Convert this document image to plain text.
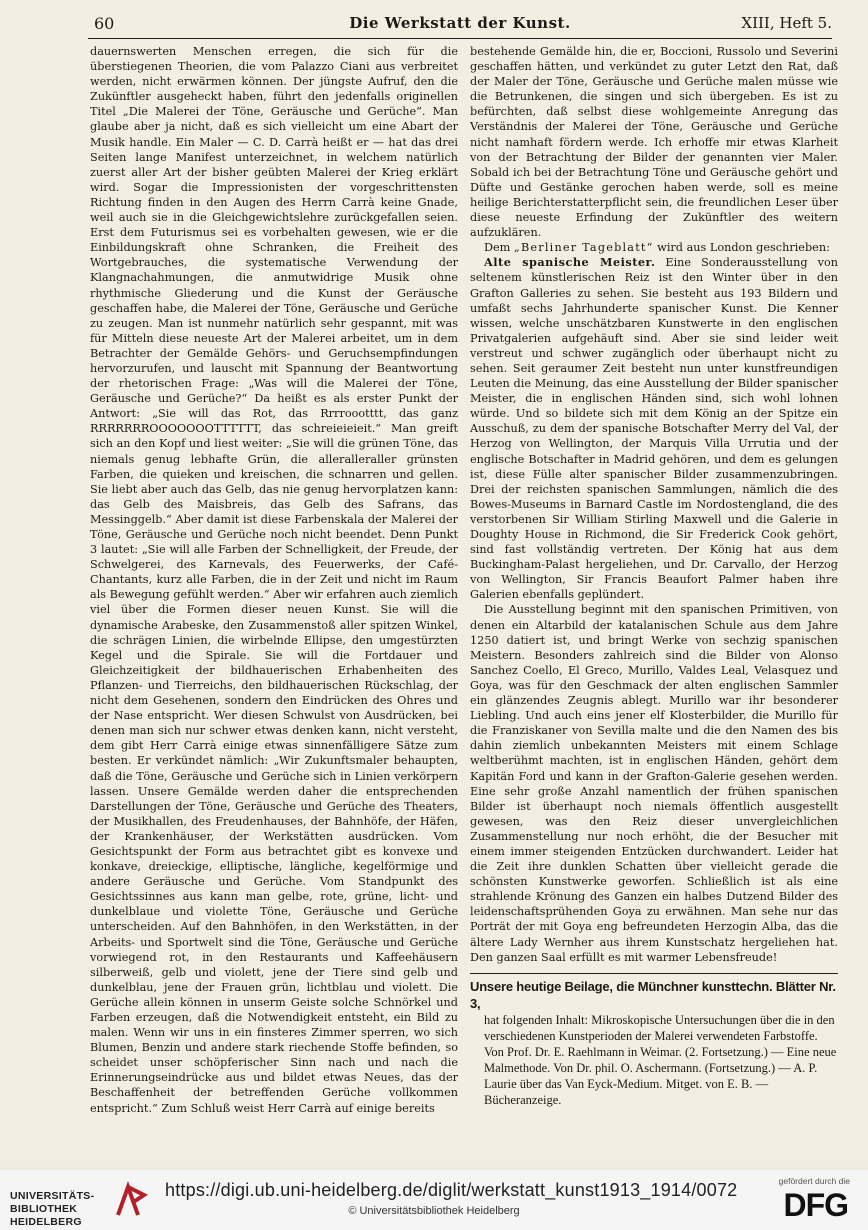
60	Die Werkstatt der Kunst.	XIII, Heft 5.

dauernswerten Menschen erregen, die sich für die überstiegenen Theorien, die vom Palazzo Ciani aus verbreitet werden, nicht erwärmen können. Der jüngste Aufruf, den die Zukünftler ausgeheckt haben, führt den jedenfalls originellen Titel „Die Malerei der Töne, Geräusche und Gerüche“. Man glaube aber ja nicht, daß es sich vielleicht um eine Abart der Musik handle. Ein Maler — C. D. Carrà heißt er — hat das drei Seiten lange Manifest unterzeichnet, in welchem natürlich zuerst aller Art der bisher geübten Malerei der Krieg erklärt wird. Sogar die Impressionisten der vorgeschrittensten Richtung finden in den Augen des Herrn Carrà keine Gnade, weil auch sie in die Gleichgewichtslehre zurückgefallen seien. Erst dem Futurismus sei es vorbehalten gewesen, wie er die Einbildungskraft ohne Schranken, die Freiheit des Wortgebrauches, die systematische Verwendung der Klangnachahmungen, die anmutwidrige Musik ohne rhythmische Gliederung und die Kunst der Geräusche geschaffen habe, die Malerei der Töne, Geräusche und Gerüche zu zeugen. Man ist nunmehr natürlich sehr gespannt, mit was für Mitteln diese neueste Art der Malerei arbeitet, um in dem Betrachter der Gemälde Gehörs- und Geruchsempfindungen hervorzurufen, und lauscht mit Spannung der Beantwortung der rhetorischen Frage: „Was will die Malerei der Töne, Geräusche und Gerüche?“ Da heißt es als erster Punkt der Antwort: „Sie will das Rot, das Rrrroootttt, das ganz RRRRRRROOOOOOOTTTTTT, das schreieieieit.“ Man greift sich an den Kopf und liest weiter: „Sie will die grünen Töne, das niemals genug lebhafte Grün, die alleralleraller grünsten Farben, die quieken und kreischen, die schnarren und gellen. Sie liebt aber auch das Gelb, das nie genug hervorplatzen kann: das Gelb des Maisbreis, das Gelb des Safrans, das Messinggelb.“ Aber damit ist diese Farbenskala der Malerei der Töne, Geräusche und Gerüche noch nicht beendet. Denn Punkt 3 lautet: „Sie will alle Farben der Schnelligkeit, der Freude, der Schwelgerei, des Karnevals, des Feuerwerks, der Café-Chantants, kurz alle Farben, die in der Zeit und nicht im Raum als Bewegung gefühlt werden.“ Aber wir erfahren auch ziemlich viel über die Formen dieser neuen Kunst. Sie will die dynamische Arabeske, den Zusammenstoß aller spitzen Winkel, die schrägen Linien, die wirbelnde Ellipse, den umgestürzten Kegel und die Spirale. Sie will die Fortdauer und Gleichzeitigkeit der bildhauerischen Erhabenheiten des Pflanzen- und Tierreichs, den bildhauerischen Rückschlag, der nicht dem Gesehenen, sondern den Eindrücken des Ohres und der Nase entspricht. Wer diesen Schwulst von Ausdrücken, bei denen man sich nur schwer etwas denken kann, nicht versteht, dem gibt Herr Carrà einige etwas sinnenfälligere Sätze zum besten. Er verkündet nämlich: „Wir Zukunftsmaler behaupten, daß die Töne, Geräusche und Gerüche sich in Linien verkörpern lassen. Unsere Gemälde werden daher die entsprechenden Darstellungen der Töne, Geräusche und Gerüche des Theaters, der Musikhallen, des Freudenhauses, der Bahnhöfe, der Häfen, der Krankenhäuser, der Werkstätten ausdrücken. Vom Gesichtspunkt der Form aus betrachtet gibt es konvexe und konkave, dreieckige, elliptische, längliche, kegelförmige und andere Geräusche und Gerüche. Vom Standpunkt des Gesichtssinnes aus kann man gelbe, rote, grüne, licht- und dunkelblaue und violette Töne, Geräusche und Gerüche unterscheiden. Auf den Bahnhöfen, in den Werkstätten, in der Arbeits- und Sportwelt sind die Töne, Geräusche und Gerüche vorwiegend rot, in den Restaurants und Kaffeehäusern silberweiß, gelb und violett, jene der Tiere sind gelb und dunkelblau, jene der Frauen grün, lichtblau und violett. Die Gerüche allein können in unserm Geiste solche Schnörkel und Farben erzeugen, daß die Notwendigkeit entsteht, ein Bild zu malen. Wenn wir uns in ein finsteres Zimmer sperren, wo sich Blumen, Benzin und andere stark riechende Stoffe befinden, so scheidet unser schöpferischer Sinn nach und nach die Erinnerungseindrücke aus und bildet etwas Neues, das der Beschaffenheit der betreffenden Gerüche vollkommen entspricht.“ Zum Schluß weist Herr Carrà auf einige bereits

bestehende Gemälde hin, die er, Boccioni, Russolo und Severini geschaffen hätten, und verkündet zu guter Letzt den Rat, daß der Maler der Töne, Geräusche und Gerüche malen müsse wie die Betrunkenen, die singen und sich übergeben. Es ist zu befürchten, daß selbst diese wohlgemeinte Anregung das Verständnis der Malerei der Töne, Geräusche und Gerüche nicht namhaft fördern werde. Ich erhoffe mir etwas Klarheit von der Betrachtung der Bilder der genannten vier Maler. Sobald ich bei der Betrachtung Töne und Geräusche gehört und Düfte und Gestänke gerochen haben werde, soll es meine heilige Berichterstatterpflicht sein, die freundlichen Leser über diese neueste Erfindung der Zukünftler des weitern aufzuklären.

Dem „Berliner Tageblatt“ wird aus London geschrieben:

Alte spanische Meister. Eine Sonderausstellung von seltenem künstlerischen Reiz ist den Winter über in den Grafton Galleries zu sehen. Sie besteht aus 193 Bildern und umfaßt sechs Jahrhunderte spanischer Kunst. Die Kenner wissen, welche unschätzbaren Kunstwerte in den englischen Privatgalerien aufgehäuft sind. Aber sie sind leider weit verstreut und schwer zugänglich oder überhaupt nicht zu sehen. Seit geraumer Zeit besteht nun unter kunstfreundigen Leuten die Meinung, das eine Ausstellung der Bilder spanischer Meister, die in englischen Händen sind, sich wohl lohnen würde. Und so bildete sich mit dem König an der Spitze ein Ausschuß, zu dem der spanische Botschafter Merry del Val, der Herzog von Wellington, der Marquis Villa Urrutia und der englische Botschafter in Madrid gehören, und dem es gelungen ist, diese Fülle alter spanischer Bilder zusammenzubringen. Drei der reichsten spanischen Sammlungen, nämlich die des Bowes-Museums in Barnard Castle im Nordostengland, die des verstorbenen Sir William Stirling Maxwell und die Galerie in Doughty House in Richmond, die Sir Frederick Cook gehört, sind fast vollständig vertreten. Der König hat aus dem Buckingham-Palast hergeliehen, und Dr. Carvallo, der Herzog von Wellington, Sir Francis Beaufort Palmer haben ihre Galerien ebenfalls geplündert.

Die Ausstellung beginnt mit den spanischen Primitiven, von denen ein Altarbild der katalanischen Schule aus dem Jahre 1250 datiert ist, und bringt Werke von sechzig spanischen Meistern. Besonders zahlreich sind die Bilder von Alonso Sanchez Coello, El Greco, Murillo, Valdes Leal, Velasquez und Goya, was für den Geschmack der alten englischen Sammler ein glänzendes Zeugnis ablegt. Murillo war ihr besonderer Liebling. Und auch eins jener elf Klosterbilder, die Murillo für die Franziskaner von Sevilla malte und die den Namen des bis dahin ziemlich unbekannten Meisters mit einem Schlage weltberühmt machten, ist in englischen Händen, gehört dem Kapitän Ford und kann in der Grafton-Galerie gesehen werden. Eine sehr große Anzahl namentlich der frühen spanischen Bilder ist überhaupt noch niemals öffentlich ausgestellt gewesen, was den Reiz dieser unvergleichlichen Zusammenstellung nur noch erhöht, die der Besucher mit einem immer steigenden Entzücken durchwandert. Leider hat die Zeit ihre dunklen Schatten über vielleicht gerade die schönsten Kunstwerke geworfen. Schließlich ist als eine strahlende Krönung des Ganzen ein halbes Dutzend Bilder des leidenschaftsprühenden Goya zu erwähnen. Man sehe nur das Porträt der mit Goya eng befreundeten Herzogin Alba, das die ältere Lady Wernher aus ihrem Kunstschatz hergeliehen hat. Den ganzen Saal erfüllt es mit warmer Lebensfreude!

Unsere heutige Beilage, die Münchner kunsttechn. Blätter Nr. 3,
hat folgenden Inhalt: Mikroskopische Untersuchungen über die in den verschiedenen Kunstperioden der Malerei verwendeten Farbstoffe. Von Prof. Dr. E. Raehlmann in Weimar. (2. Fortsetzung.) — Eine neue Malmethode. Von Dr. phil. O. Aschermann. (Fortsetzung.) — A. P. Laurie über das Van Eyck-Medium. Mitget. von E. B. — Bücheranzeige.
UNIVERSITÄTS-
BIBLIOTHEK
HEIDELBERG
https://digi.ub.uni-heidelberg.de/diglit/werkstatt_kunst1913_1914/0072
© Universitätsbibliothek Heidelberg
gefördert durch die
DFG
